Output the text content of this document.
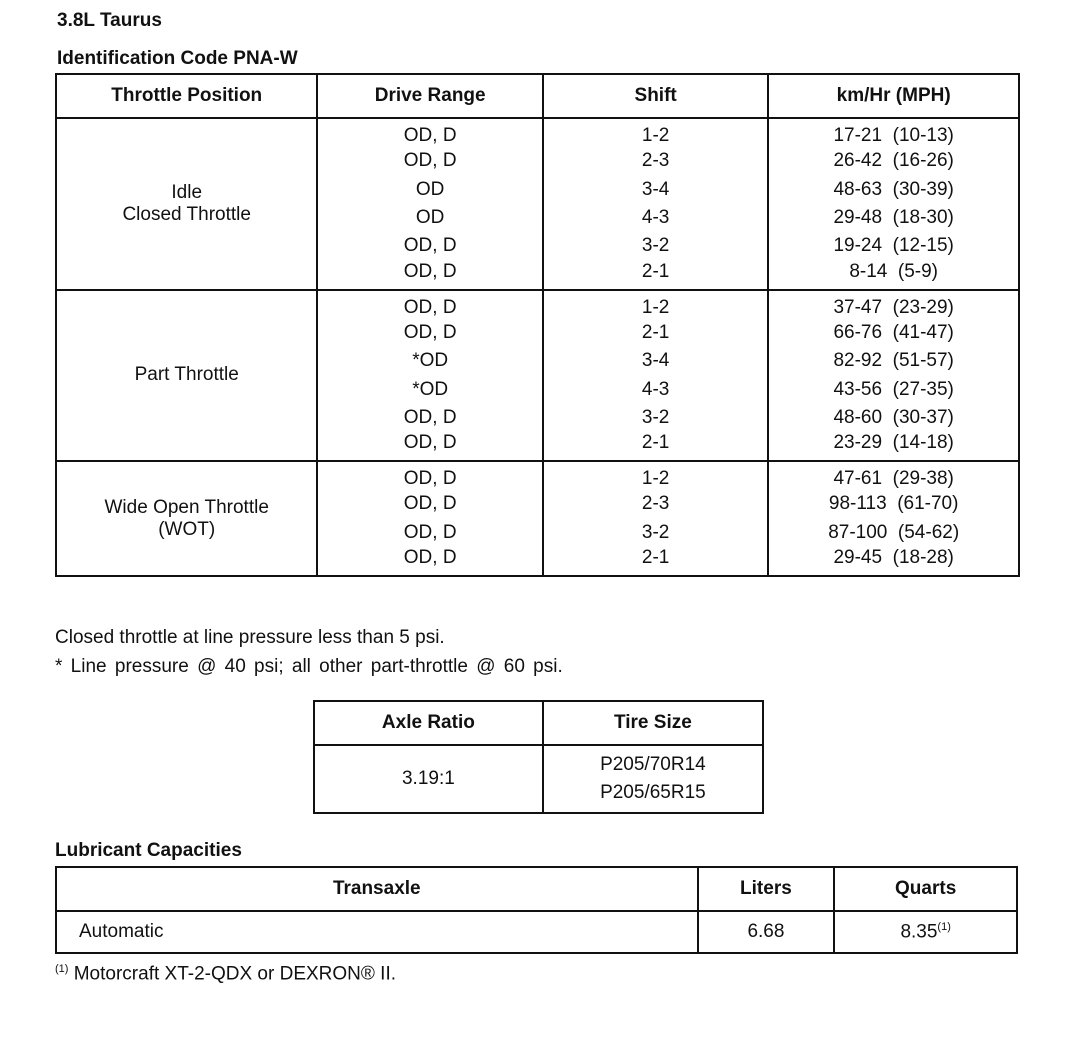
3.8L Taurus
Identification Code PNA-W
Throttle Position	Drive Range	Shift	km/Hr (MPH)

Idle
Closed Throttle	OD, D	1-2	17-21  (10-13)
	OD, D	2-3	26-42  (16-26)
	OD	3-4	48-63  (30-39)
	OD	4-3	29-48  (18-30)
	OD, D	3-2	19-24  (12-15)
	OD, D	2-1	8-14  (5-9)

Part Throttle	OD, D	1-2	37-47  (23-29)
	OD, D	2-1	66-76  (41-47)
	*OD	3-4	82-92  (51-57)
	*OD	4-3	43-56  (27-35)
	OD, D	3-2	48-60  (30-37)
	OD, D	2-1	23-29  (14-18)

Wide Open Throttle
(WOT)	OD, D	1-2	47-61  (29-38)
	OD, D	2-3	98-113  (61-70)
	OD, D	3-2	87-100  (54-62)
	OD, D	2-1	29-45  (18-28)
Closed throttle at line pressure less than 5 psi.
* Line pressure @ 40 psi; all other part-throttle @ 60 psi.
Axle Ratio	Tire Size
3.19:1	P205/70R14
P205/65R15
Lubricant Capacities
Transaxle	Liters	Quarts
Automatic	6.68	8.35$^{(1)}$
$^{(1)}$ Motorcraft XT-2-QDX or DEXRON® II.
